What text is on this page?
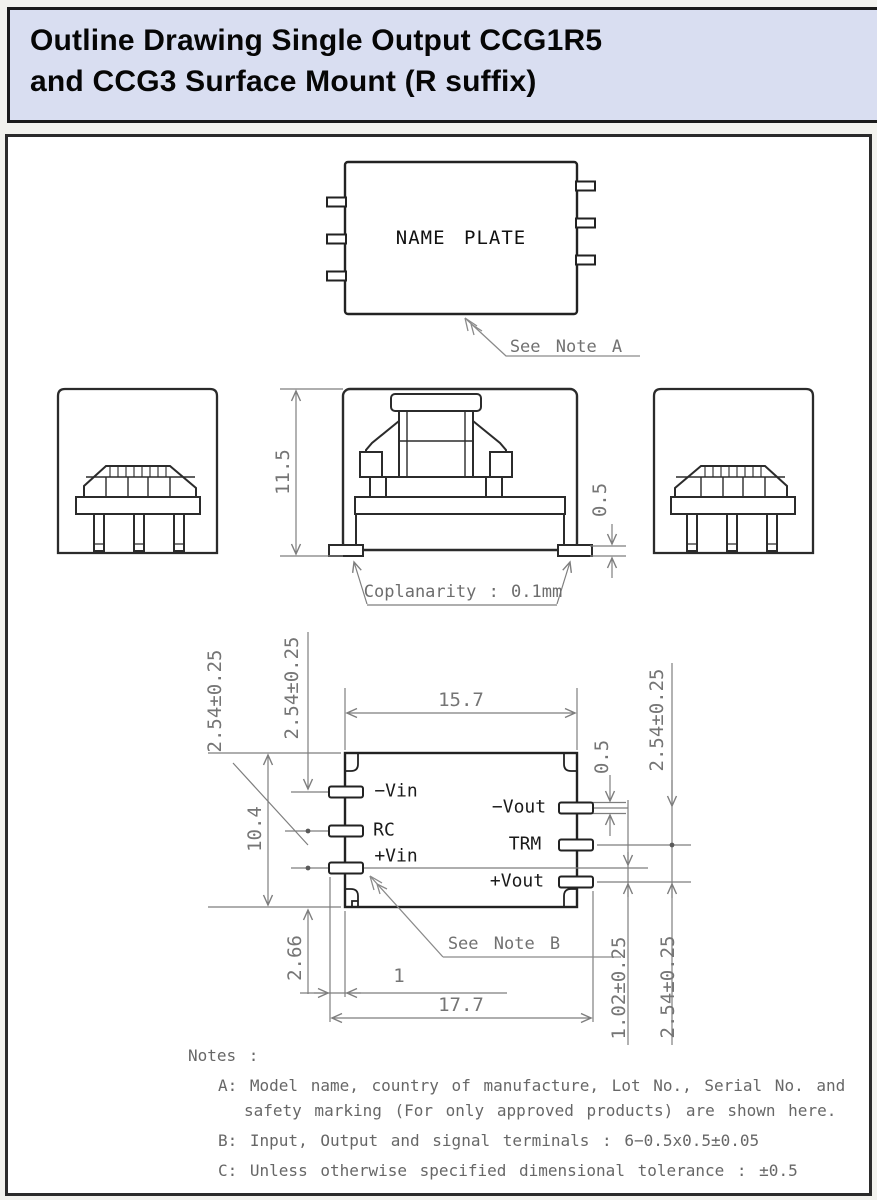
Outline Drawing Single Output CCG1R5
and CCG3 Surface Mount (R suffix)
NAME PLATE
See Note A
11.5
0.5
Coplanarity : 0.1mm
15.7
2.54±0.25	2.54±0.25
10.4
2.66	1
17.7
0.5 2.54±0.25
1.02±0.25 2.54±0.25
−Vin
RC
+Vin
−Vout
TRM
+Vout
See Note B
Notes :
A: Model name, country of manufacture, Lot No., Serial No. and
safety marking (For only approved products) are shown here.
B: Input, Output and signal terminals : 6−0.5x0.5±0.05
C: Unless otherwise specified dimensional tolerance : ±0.5
